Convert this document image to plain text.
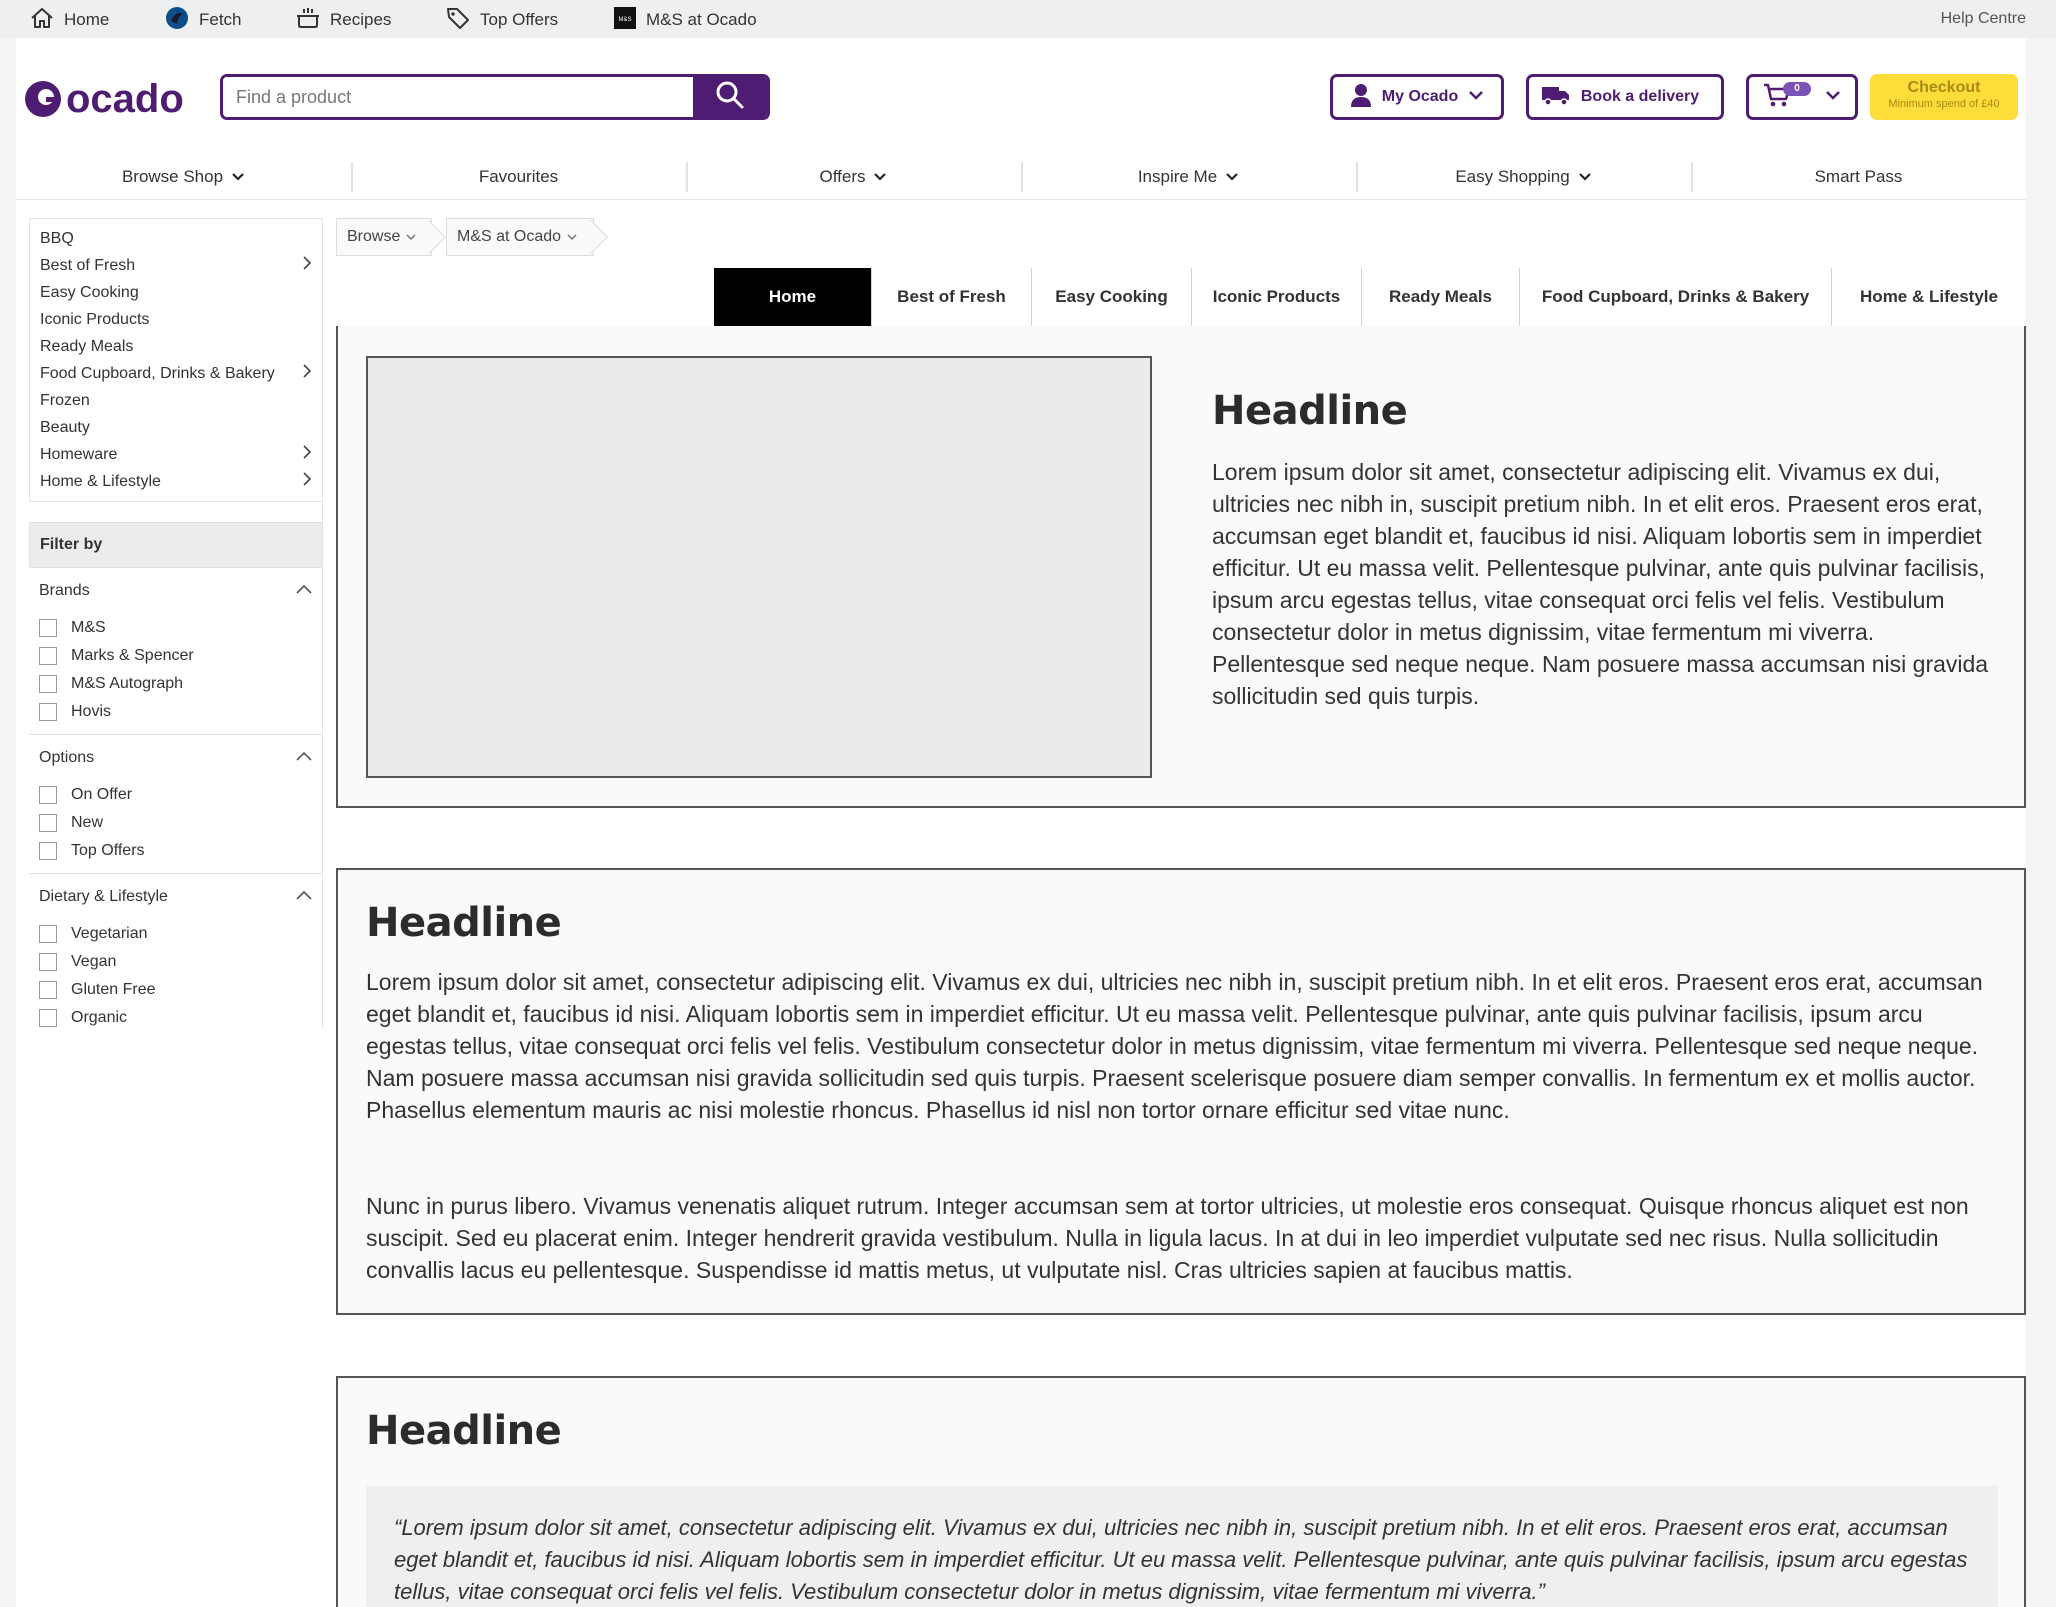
Home	Fetch	Recipes	Top Offers	M&S M&S at Ocado	Help Centre
ocado
Find a product	My Ocado	Book a delivery	0	Checkout
Minimum spend of £40
Browse Shop	Favourites	Offers	Inspire Me	Easy Shopping	Smart Pass
BBQ
Best of Fresh
Easy Cooking
Iconic Products
Ready Meals
Food Cupboard, Drinks & Bakery
Frozen
Beauty
Homeware
Home & Lifestyle
Filter by
Brands
M&S
Marks & Spencer
M&S Autograph
Hovis
Options
On Offer
New
Top Offers
Dietary & Lifestyle
Vegetarian
Vegan
Gluten Free
Organic
Browse	M&S at Ocado
Home	Best of Fresh	Easy Cooking	Iconic Products	Ready Meals	Food Cupboard, Drinks & Bakery	Home & Lifestyle
Headline
Lorem ipsum dolor sit amet, consectetur adipiscing elit. Vivamus ex dui, ultricies nec nibh in, suscipit pretium nibh. In et elit eros. Praesent eros erat, accumsan eget blandit et, faucibus id nisi. Aliquam lobortis sem in imperdiet efficitur. Ut eu massa velit. Pellentesque pulvinar, ante quis pulvinar facilisis, ipsum arcu egestas tellus, vitae consequat orci felis vel felis. Vestibulum consectetur dolor in metus dignissim, vitae fermentum mi viverra. Pellentesque sed neque neque. Nam posuere massa accumsan nisi gravida sollicitudin sed quis turpis.
Headline
Lorem ipsum dolor sit amet, consectetur adipiscing elit. Vivamus ex dui, ultricies nec nibh in, suscipit pretium nibh. In et elit eros. Praesent eros erat, accumsan eget blandit et, faucibus id nisi. Aliquam lobortis sem in imperdiet efficitur. Ut eu massa velit. Pellentesque pulvinar, ante quis pulvinar facilisis, ipsum arcu egestas tellus, vitae consequat orci felis vel felis. Vestibulum consectetur dolor in metus dignissim, vitae fermentum mi viverra. Pellentesque sed neque neque. Nam posuere massa accumsan nisi gravida sollicitudin sed quis turpis. Praesent scelerisque posuere diam semper convallis. In fermentum ex et mollis auctor. Phasellus elementum mauris ac nisi molestie rhoncus. Phasellus id nisl non tortor ornare efficitur sed vitae nunc.
Nunc in purus libero. Vivamus venenatis aliquet rutrum. Integer accumsan sem at tortor ultricies, ut molestie eros consequat. Quisque rhoncus aliquet est non suscipit. Sed eu placerat enim. Integer hendrerit gravida vestibulum. Nulla in ligula lacus. In at dui in leo imperdiet vulputate sed nec risus. Nulla sollicitudin convallis lacus eu pellentesque. Suspendisse id mattis metus, ut vulputate nisl. Cras ultricies sapien at faucibus mattis.
Headline
“Lorem ipsum dolor sit amet, consectetur adipiscing elit. Vivamus ex dui, ultricies nec nibh in, suscipit pretium nibh. In et elit eros. Praesent eros erat, accumsan eget blandit et, faucibus id nisi. Aliquam lobortis sem in imperdiet efficitur. Ut eu massa velit. Pellentesque pulvinar, ante quis pulvinar facilisis, ipsum arcu egestas tellus, vitae consequat orci felis vel felis. Vestibulum consectetur dolor in metus dignissim, vitae fermentum mi viverra.”
